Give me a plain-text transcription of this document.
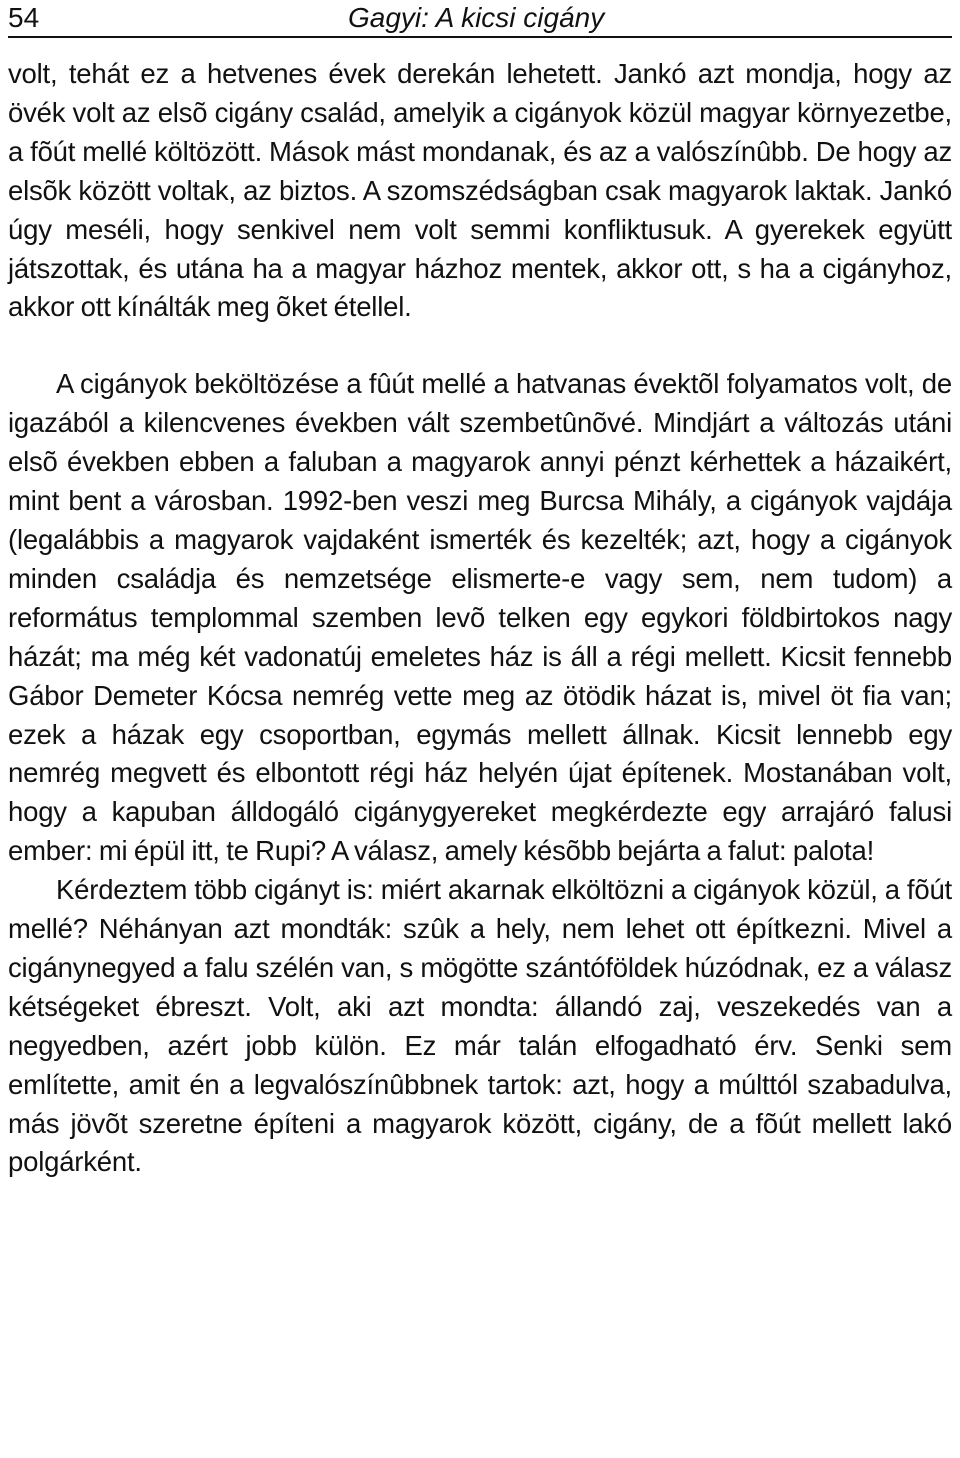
54	Gagyi: A kicsi cigány

volt, tehát ez a hetvenes évek derekán lehetett. Jankó azt mondja, hogy az övék volt az elsõ cigány család, amelyik a cigányok közül magyar környezetbe, a fõút mellé költözött. Mások mást mondanak, és az a valószínûbb. De hogy az elsõk között voltak, az biztos. A szomszédságban csak magyarok laktak. Jankó úgy meséli, hogy senkivel nem volt semmi konfliktusuk. A gyerekek együtt játszottak, és utána ha a magyar házhoz mentek, akkor ott, s ha a cigányhoz, akkor ott kínálták meg õket étellel.

A cigányok beköltözése a fûút mellé a hatvanas évektõl folyamatos volt, de igazából a kilencvenes években vált szembetûnõvé. Mindjárt a változás utáni elsõ években ebben a faluban a magyarok annyi pénzt kérhettek a házaikért, mint bent a városban. 1992-ben veszi meg Burcsa Mihály, a cigányok vajdája (legalábbis a magyarok vajdaként ismerték és kezelték; azt, hogy a cigányok minden családja és nemzetsége elismerte-e vagy sem, nem tudom) a református templommal szemben levõ telken egy egykori földbirtokos nagy házát; ma még két vadonatúj emeletes ház is áll a régi mellett. Kicsit fennebb Gábor Demeter Kócsa nemrég vette meg az ötödik házat is, mivel öt fia van; ezek a házak egy csoportban, egymás mellett állnak. Kicsit lennebb egy nemrég megvett és elbontott régi ház helyén újat építenek. Mostanában volt, hogy a kapuban álldogáló cigánygyereket megkérdezte egy arrajáró falusi ember: mi épül itt, te Rupi? A válasz, amely késõbb bejárta a falut: palota!

Kérdeztem több cigányt is: miért akarnak elköltözni a cigányok közül, a fõút mellé? Néhányan azt mondták: szûk a hely, nem lehet ott építkezni. Mivel a cigánynegyed a falu szélén van, s mögötte szántóföldek húzódnak, ez a válasz kétségeket ébreszt. Volt, aki azt mondta: állandó zaj, veszekedés van a negyedben, azért jobb külön. Ez már talán elfogadható érv. Senki sem említette, amit én a legvalószínûbbnek tartok: azt, hogy a múlttól szabadulva, más jövõt szeretne építeni a magyarok között, cigány, de a fõút mellett lakó polgárként.
